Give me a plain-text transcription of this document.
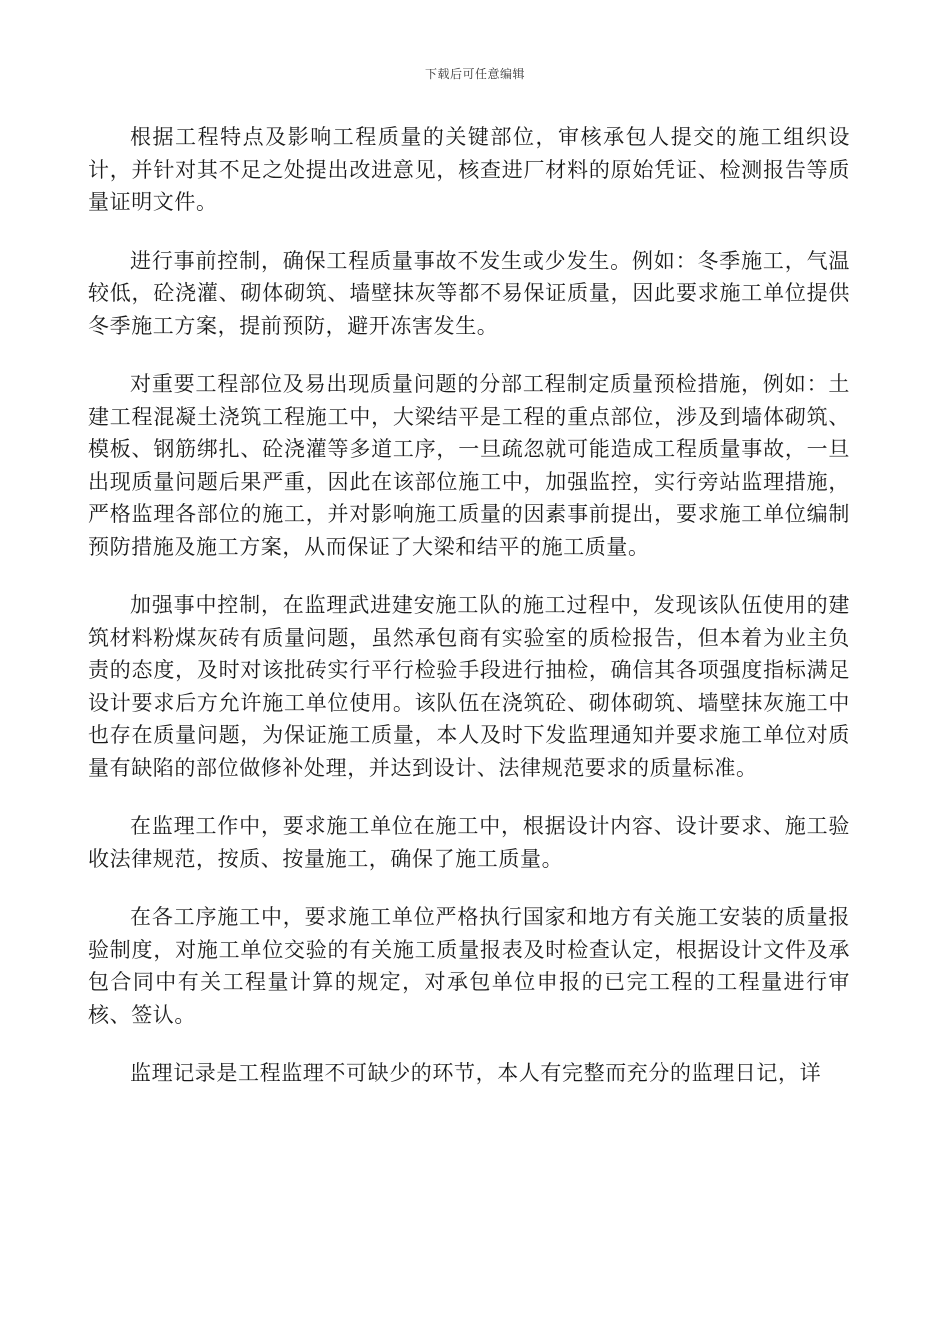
下载后可任意编辑

根据工程特点及影响工程质量的关键部位，审核承包人提交的施工组织设计，并针对其不足之处提出改进意见，核查进厂材料的原始凭证、检测报告等质量证明文件。

进行事前控制，确保工程质量事故不发生或少发生。例如：冬季施工，气温较低，砼浇灌、砌体砌筑、墙壁抹灰等都不易保证质量，因此要求施工单位提供冬季施工方案，提前预防，避开冻害发生。

对重要工程部位及易出现质量问题的分部工程制定质量预检措施，例如：土建工程混凝土浇筑工程施工中，大梁结平是工程的重点部位，涉及到墙体砌筑、模板、钢筋绑扎、砼浇灌等多道工序，一旦疏忽就可能造成工程质量事故，一旦出现质量问题后果严重，因此在该部位施工中，加强监控，实行旁站监理措施，严格监理各部位的施工，并对影响施工质量的因素事前提出，要求施工单位编制预防措施及施工方案，从而保证了大梁和结平的施工质量。

加强事中控制，在监理武进建安施工队的施工过程中，发现该队伍使用的建筑材料粉煤灰砖有质量问题，虽然承包商有实验室的质检报告，但本着为业主负责的态度，及时对该批砖实行平行检验手段进行抽检，确信其各项强度指标满足设计要求后方允许施工单位使用。该队伍在浇筑砼、砌体砌筑、墙壁抹灰施工中也存在质量问题，为保证施工质量，本人及时下发监理通知并要求施工单位对质量有缺陷的部位做修补处理，并达到设计、法律规范要求的质量标准。

在监理工作中，要求施工单位在施工中，根据设计内容、设计要求、施工验收法律规范，按质、按量施工，确保了施工质量。

在各工序施工中，要求施工单位严格执行国家和地方有关施工安装的质量报验制度，对施工单位交验的有关施工质量报表及时检查认定，根据设计文件及承包合同中有关工程量计算的规定，对承包单位申报的已完工程的工程量进行审核、签认。

监理记录是工程监理不可缺少的环节，本人有完整而充分的监理日记，详
